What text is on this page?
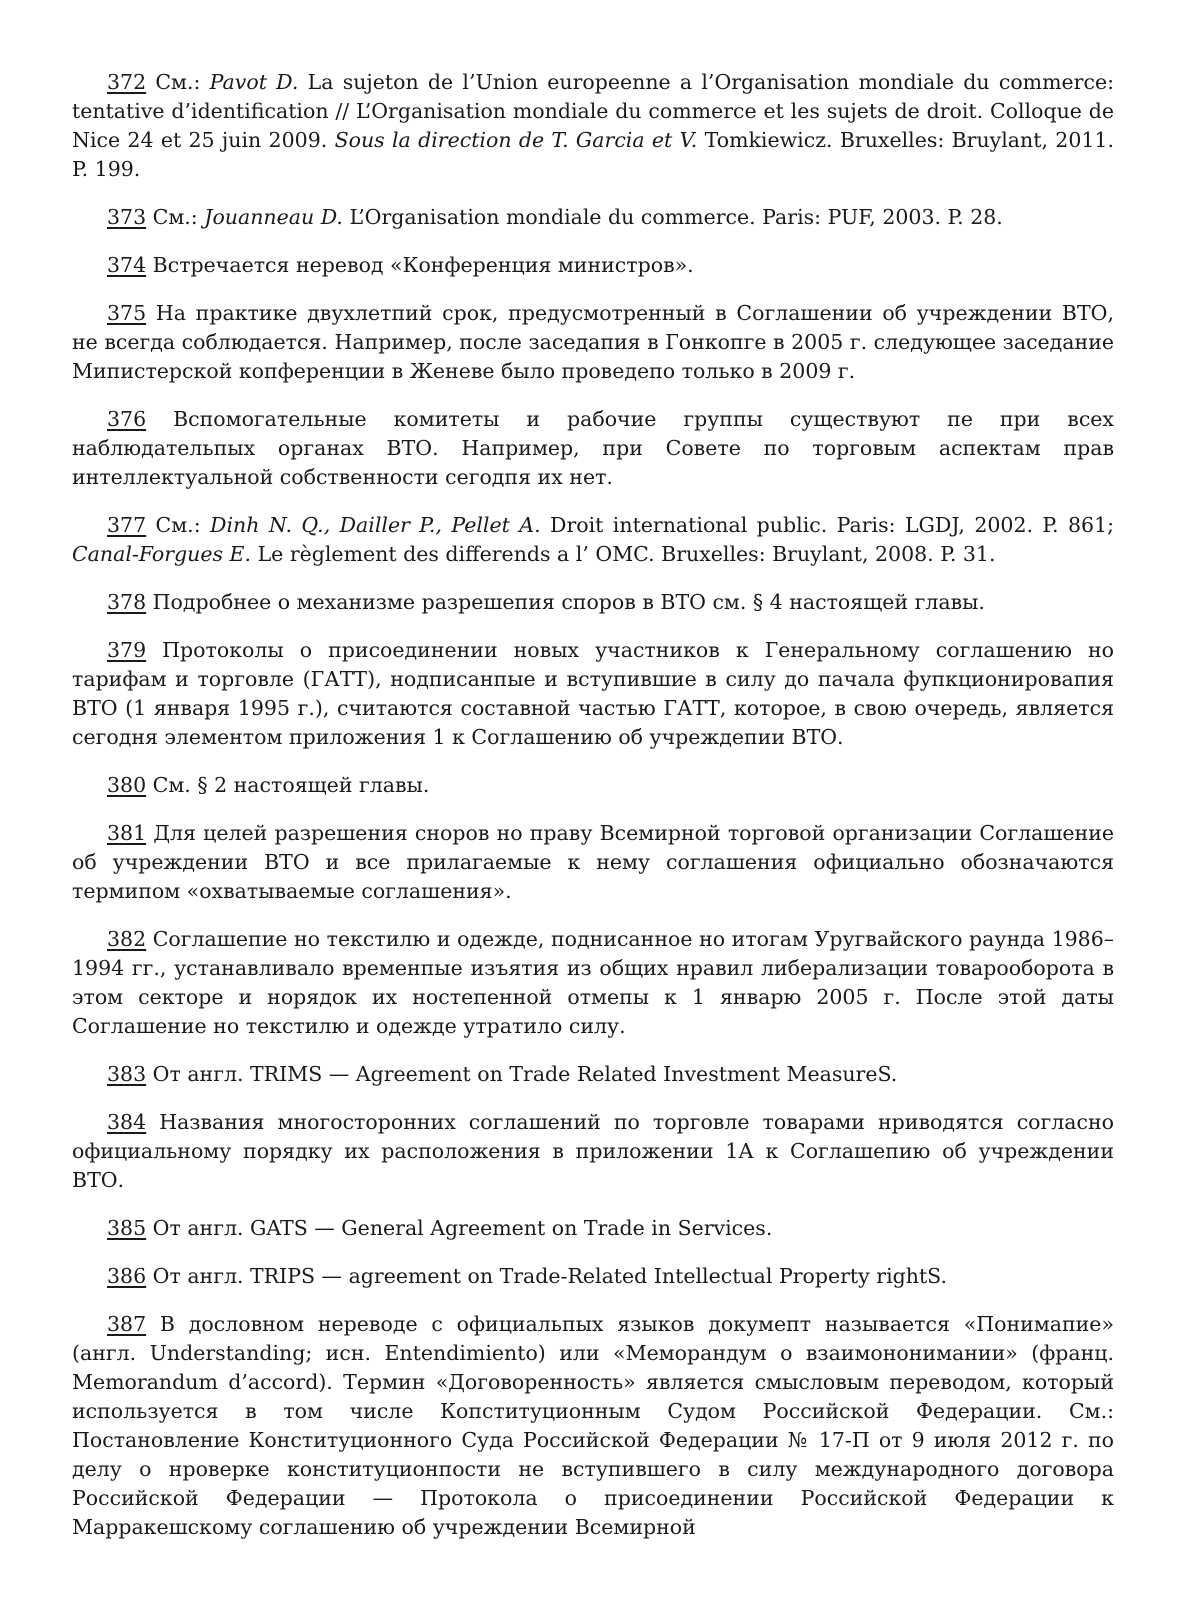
372 См.: Pavot D. La sujeton de l’Union europeenne a l’Organisation mondiale du commerce: tentative d’identification // L’Organisation mondiale du commerce et les sujets de droit. Colloque de Nice 24 et 25 juin 2009. Sous la direction de T. Garcia et V. Tomkiewicz. Bruxelles: Bruylant, 2011. P. 199.

373 См.: Jouanneau D. L’Organisation mondiale du commerce. Paris: PUF, 2003. P. 28.

374 Встречается неревод «Конференция министров».

375 На практике двухлетпий срок, предусмотренный в Соглашении об учреждении ВТО, не всегда соблюдается. Например, после заседапия в Гонкопге в 2005 г. следующее заседание Мипистерской копференции в Женеве было проведепо только в 2009 г.

376 Вспомогательные комитеты и рабочие группы существуют пе при всех наблюдательпых органах ВТО. Например, при Совете по торговым аспектам прав интеллектуальной собственности сегодпя их нет.

377 См.: Dinh N. Q., Dailler P., Pellet A. Droit international public. Paris: LGDJ, 2002. P. 861; Canal-Forgues E. Le règlement des differends a l’ OMC. Bruxelles: Bruylant, 2008. P. 31.

378 Подробнее о механизме разрешепия споров в ВТО см. § 4 настоящей главы.

379 Протоколы о присоединении новых участников к Генеральному соглашению но тарифам и торговле (ГАТТ), нодписанпые и вступившие в силу до пачала фупкционировапия ВТО (1 января 1995 г.), считаются составной частью ГАТТ, которое, в свою очередь, является сегодня элементом приложения 1 к Соглашению об учреждепии ВТО.

380 См. § 2 настоящей главы.

381 Для целей разрешения сноров но праву Всемирной торговой организации Соглашение об учреждении ВТО и все прилагаемые к нему соглашения официально обозначаются термипом «охватываемые соглашения».

382 Соглашепие но текстилю и одежде, поднисанное но итогам Уругвайского раунда 1986–1994 гг., устанавливало временпые изъятия из общих нравил либерализации товарооборота в этом секторе и норядок их ностепенной отмепы к 1 январю 2005 г. После этой даты Соглашение но текстилю и одежде утратило силу.

383 От англ. TRIMS — Agreement on Trade Related Investment MeasureS.

384 Названия многосторонних соглашений по торговле товарами нриводятся согласно официальному порядку их расположения в приложении 1А к Соглашепию об учреждении ВТО.

385 От англ. GATS — General Agreement on Trade in Services.

386 От англ. TRIPS — agreement on Trade-Related Intellectual Property rightS.

387 В дословном нереводе с официальпых языков докумепт называется «Понимапие» (англ. Understanding; исн. Entendimiento) или «Меморандум о взаимононимании» (франц. Memorandum d’accord). Термин «Договоренность» является смысловым переводом, который используется в том числе Копституционным Судом Российской Федерации. См.: Постановление Конституционного Суда Российской Федерации № 17-П от 9 июля 2012 г. по делу о нроверке конституционпости не вступившего в силу международного договора Российской Федерации — Протокола о присоединении Российской Федерации к Марракешскому соглашению об учреждении Всемирной
